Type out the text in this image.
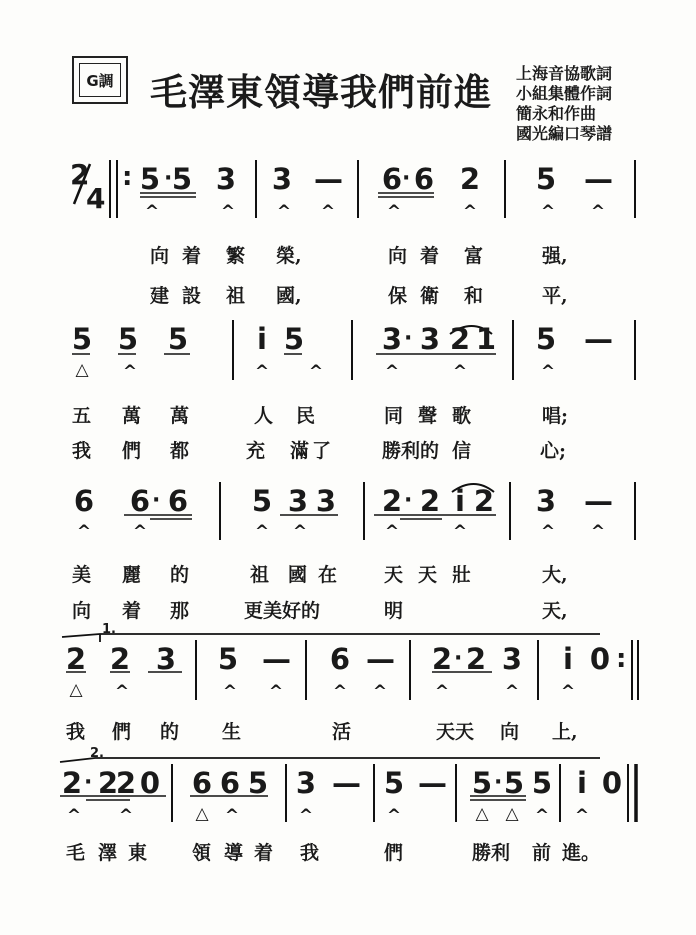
G調 毛澤東領導我們前進 上海音協歌詞
小組集體作詞
簡永和作曲
國光編口琴譜
2
4
: 5 5 3 3 — 6 6 2 5 —
·	·
^	^ ^ ^	^	^	^ ^
向 着 繁 榮,	向 着 富	强,
建 設 祖 國,	保 衛 和	平,
5 5 5	i 5	3 3 2 1 5 —
·
△ ^	^ ^	^	^	^
五 萬 萬	人 民	同 聲 歌	唱;
我 們 都	充 滿 了	勝利的 信	心;
6 6 6 5 3 3 2 2 i 2 3 —
·	·
^ ^	^ ^	^	^	^ ^
美 麗 的	祖 國 在 天 天 壯	大,
向 着 那	更美好的	明	天,
1.
2 2 3 5 — 6 — 2 2 3	i 0
·	:
△ ^	^ ^	^ ^	^	^ ^
我 們 的 生	活	天天 向 上,
2.
2 2
2 0 6 6 5 3 — 5 — 5 5 5 i 0
·	·
^ ^	△ ^	^	^	△ △ ^ ^
毛 澤 東 領 導 着 我	們	勝利 前 進。
